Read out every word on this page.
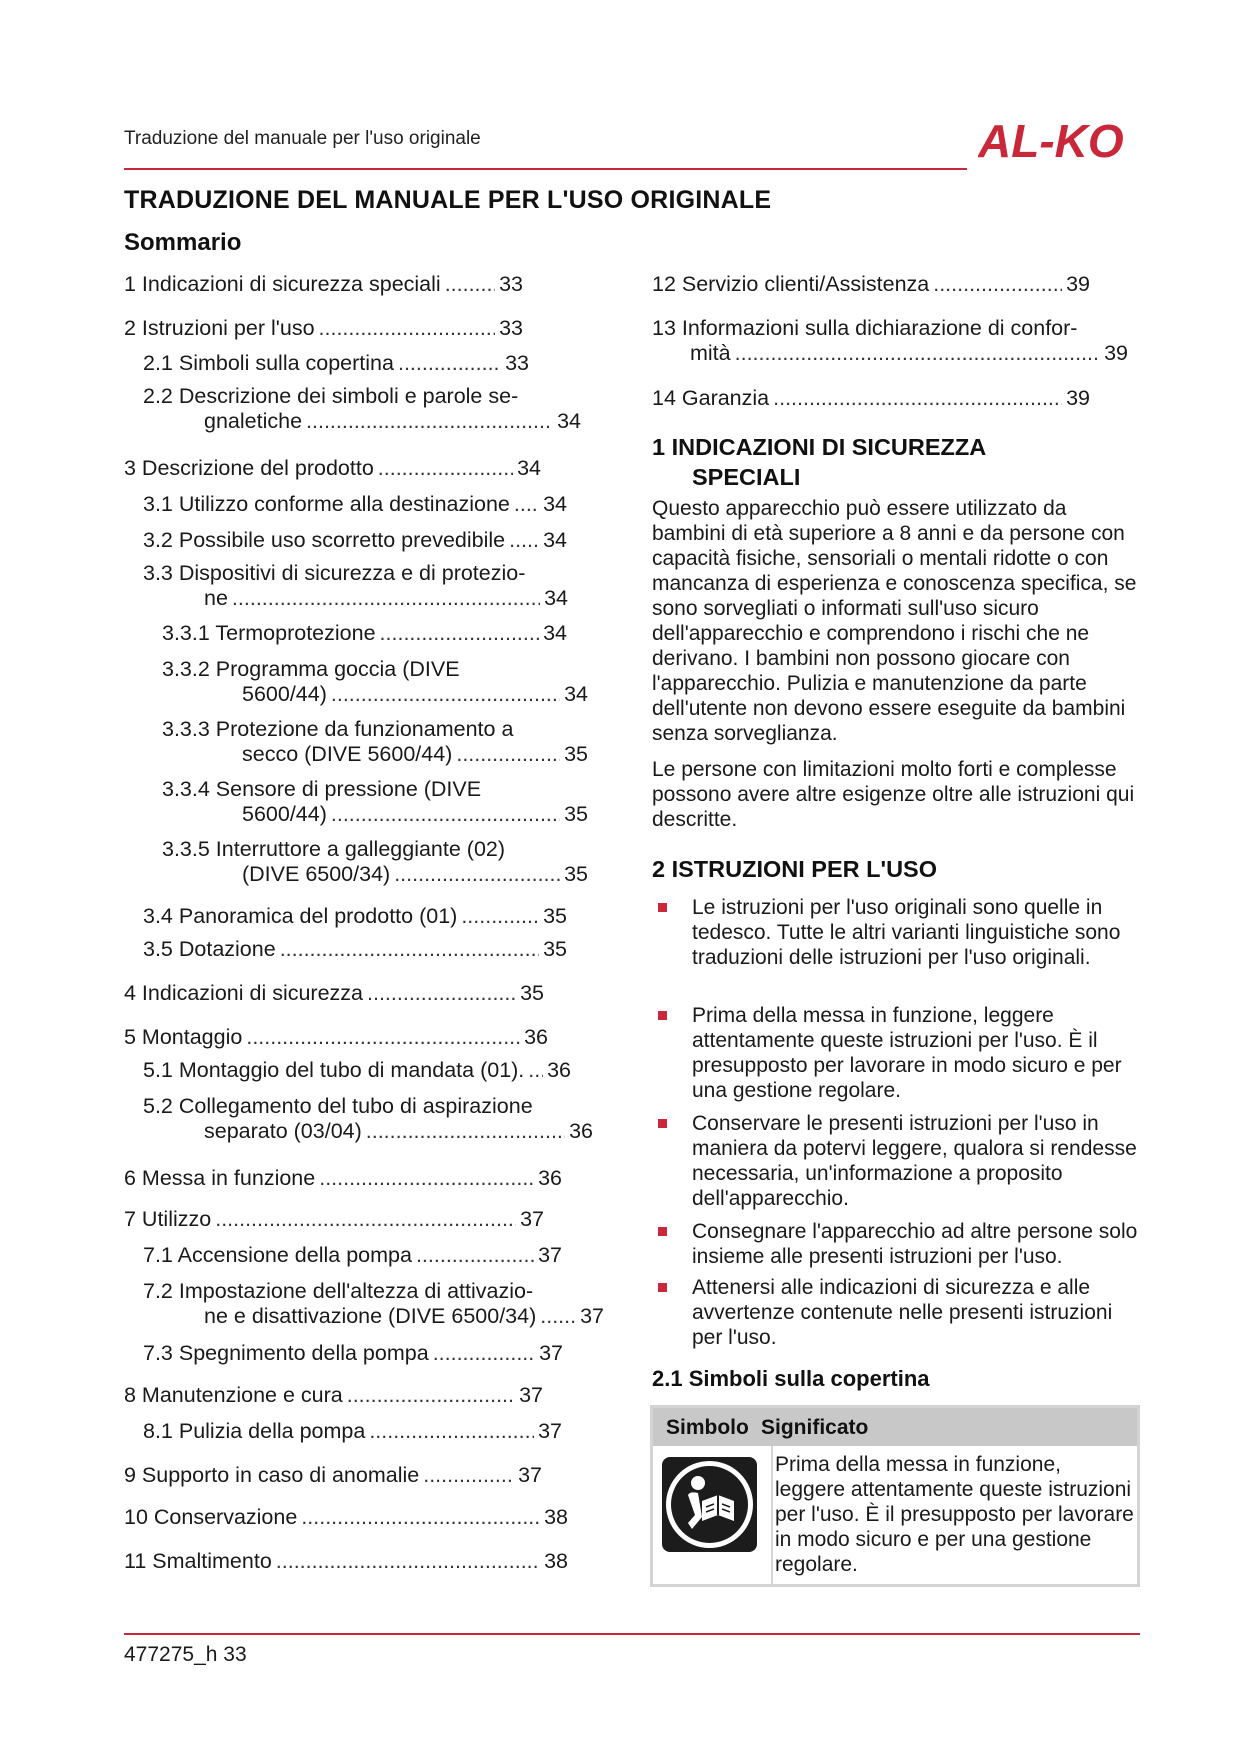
Traduzione del manuale per l'uso originale	AL-KO
TRADUZIONE DEL MANUALE PER L'USO ORIGINALE
Sommario
1 INDICAZIONI DI SICUREZZA
SPECIALI
Questo apparecchio può essere utilizzato da bambini di età superiore a 8 anni e da persone con capacità fisiche, sensoriali o mentali ridotte o con mancanza di esperienza e conoscenza specifica, se sono sorvegliati o informati sull'uso sicuro dell'apparecchio e comprendono i rischi che ne derivano. I bambini non possono giocare con l'apparecchio. Pulizia e manutenzione da parte dell'utente non devono essere eseguite da bambini senza sorveglianza.
Le persone con limitazioni molto forti e complesse possono avere altre esigenze oltre alle istruzioni qui descritte.
2 ISTRUZIONI PER L'USO
Le istruzioni per l'uso originali sono quelle in tedesco. Tutte le altri varianti linguistiche sono traduzioni delle istruzioni per l'uso originali.
Prima della messa in funzione, leggere attentamente queste istruzioni per l'uso. È il presupposto per lavorare in modo sicuro e per una gestione regolare.
Conservare le presenti istruzioni per l'uso in maniera da potervi leggere, qualora si rendesse necessaria, un'informazione a proposito dell'apparecchio.
Consegnare l'apparecchio ad altre persone solo insieme alle presenti istruzioni per l'uso.
Attenersi alle indicazioni di sicurezza e alle avvertenze contenute nelle presenti istruzioni per l'uso.
2.1 Simboli sulla copertina
Simbolo Significato
Prima della messa in funzione, leggere attentamente queste istruzioni per l'uso. È il presupposto per lavorare in modo sicuro e per una gestione regolare.
477275_h 33
1 Indicazioni di sicurezza speciali .....	33
2 Istruzioni per l'uso .....	33
2.1 Simboli sulla copertina .....	33
2.2 Descrizione dei simboli e parole se-
gnaletiche .....	34
3 Descrizione del prodotto .....	34
3.1 Utilizzo conforme alla destinazione ..... 34
3.2 Possibile uso scorretto prevedibile ..... 34
3.3 Dispositivi di sicurezza e di protezio-
ne .....	34
3.3.1 Termoprotezione .....	34
3.3.2 Programma goccia (DIVE
5600/44) .....	34
3.3.3 Protezione da funzionamento a
secco (DIVE 5600/44) .....	35
3.3.4 Sensore di pressione (DIVE
5600/44) .....	35
3.3.5 Interruttore a galleggiante (02)
(DIVE 6500/34) .....	35
3.4 Panoramica del prodotto (01) .....	35
3.5 Dotazione .....	35
4 Indicazioni di sicurezza .....	35
5 Montaggio .....	36
5.1 Montaggio del tubo di mandata (01). ..... 36
5.2 Collegamento del tubo di aspirazione
separato (03/04) .....	36
6 Messa in funzione .....	36
7 Utilizzo .....	37
7.1 Accensione della pompa .....	37
7.2 Impostazione dell'altezza di attivazio-
ne e disattivazione (DIVE 6500/34) ..... 37
7.3 Spegnimento della pompa .....	37
8 Manutenzione e cura .....	37
8.1 Pulizia della pompa .....	37
9 Supporto in caso di anomalie .....	37
10 Conservazione .....	38
11 Smaltimento .....	38
12 Servizio clienti/Assistenza .....	39
13 Informazioni sulla dichiarazione di confor-
mità .....	39
14 Garanzia .....	39
